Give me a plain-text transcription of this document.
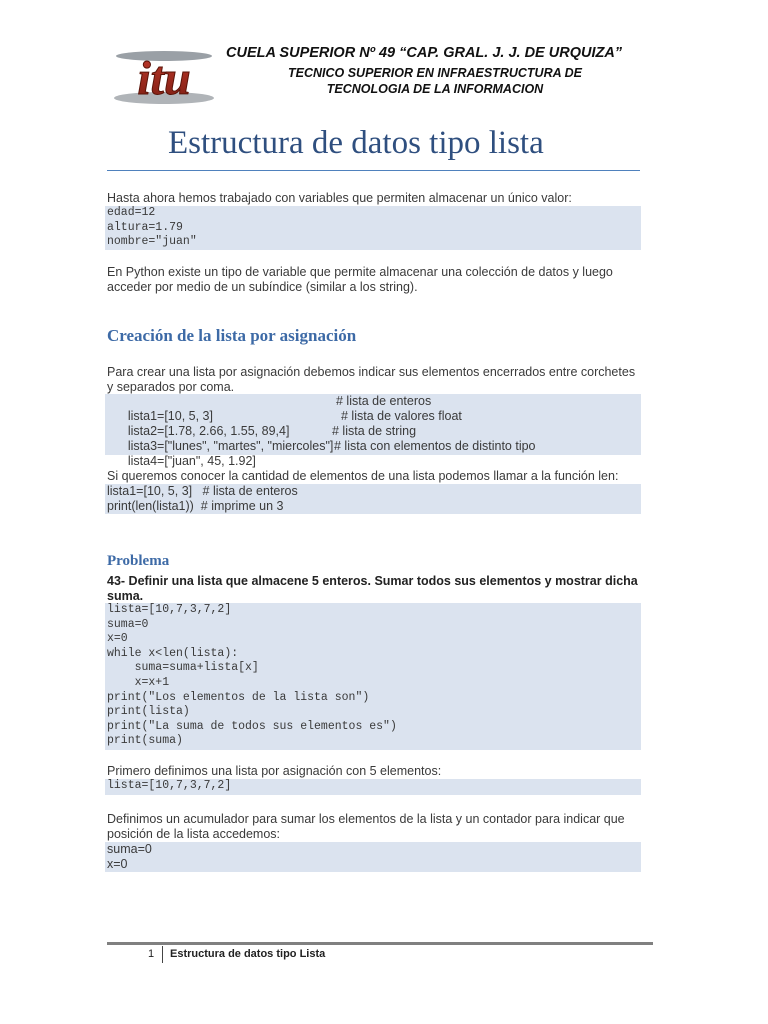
itu CUELA SUPERIOR Nº 49 “CAP. GRAL. J. J. DE URQUIZA”
TECNICO SUPERIOR EN INFRAESTRUCTURA DE
TECNOLOGIA DE LA INFORMACION
Estructura de datos tipo lista
Hasta ahora hemos trabajado con variables que permiten almacenar un único valor:
edad=12
altura=1.79
nombre="juan"
En Python existe un tipo de variable que permite almacenar una colección de datos y luego acceder por medio de un subíndice (similar a los string).
Creación de la lista por asignación
Para crear una lista por asignación debemos indicar sus elementos encerrados entre corchetes y separados por coma.

lista1=[10, 5, 3]
# lista de enteros

lista2=[1.78, 2.66, 1.55, 89,4]
# lista de valores float

lista3=["lunes", "martes", "miercoles"]
# lista de string

lista4=["juan", 45, 1.92]
# lista con elementos de distinto tipo

Si queremos conocer la cantidad de elementos de una lista podemos llamar a la función len:
lista1=[10, 5, 3]   # lista de enteros
print(len(lista1))  # imprime un 3
Problema
43- Definir una lista que almacene 5 enteros. Sumar todos sus elementos y mostrar dicha suma.
lista=[10,7,3,7,2]
suma=0
x=0
while x<len(lista):
suma=suma+lista[x]
x=x+1
print("Los elementos de la lista son")
print(lista)
print("La suma de todos sus elementos es")
print(suma)
Primero definimos una lista por asignación con 5 elementos:
lista=[10,7,3,7,2]
Definimos un acumulador para sumar los elementos de la lista y un contador para indicar que posición de la lista accedemos:
suma=0
x=0
1 Estructura de datos tipo Lista
